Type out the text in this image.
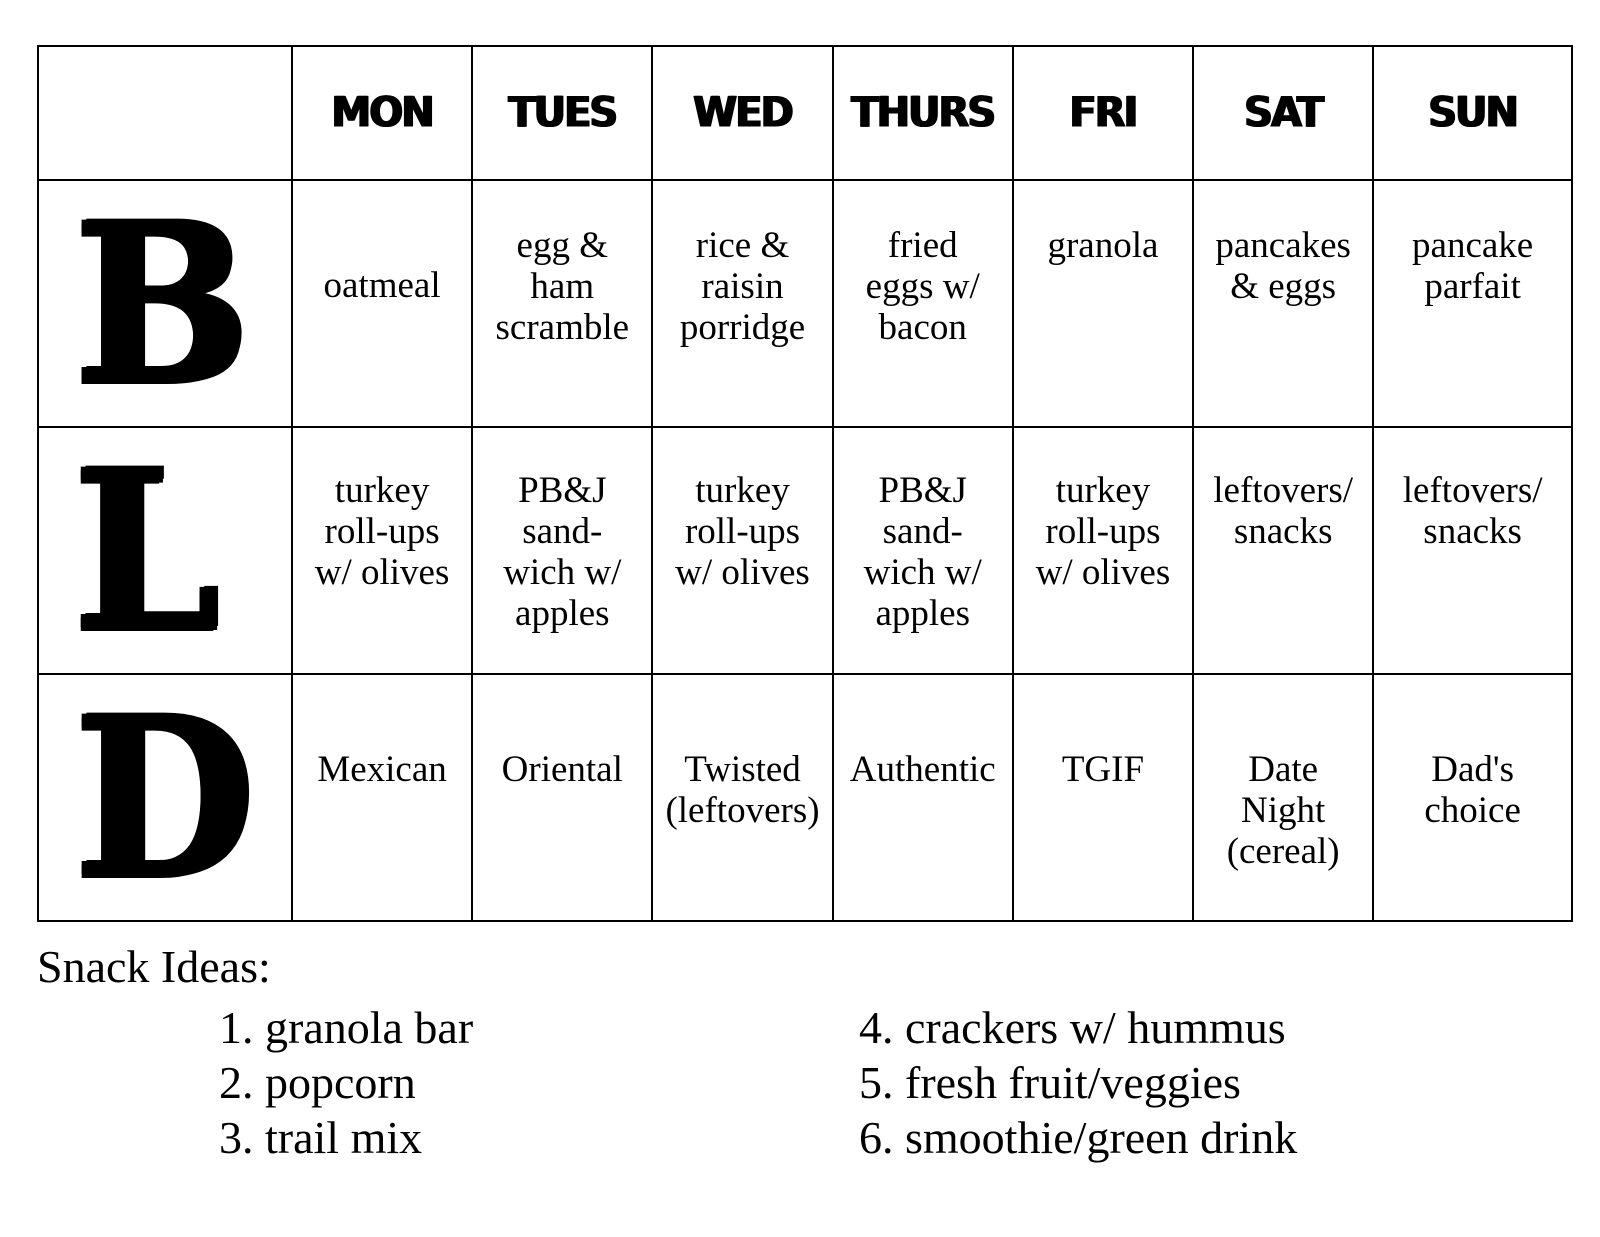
	MON	TUES	WED	THURS	FRI	SAT	SUN
B	oatmeal	egg &
ham
scramble	rice &
raisin
porridge	fried
eggs w/
bacon	granola	pancakes
& eggs	pancake
parfait

L	turkey
roll-ups
w/ olives	PB&J
sand-
wich w/
apples	turkey
roll-ups
w/ olives	PB&J
sand-
wich w/
apples	turkey
roll-ups
w/ olives	leftovers/
snacks	leftovers/
snacks

D	Mexican	Oriental	Twisted
(leftovers)	Authentic	TGIF	Date
Night
(cereal)	Dad's
choice
Snack Ideas:
1. granola bar
2. popcorn
3. trail mix
4. crackers w/ hummus
5. fresh fruit/veggies
6. smoothie/green drink
